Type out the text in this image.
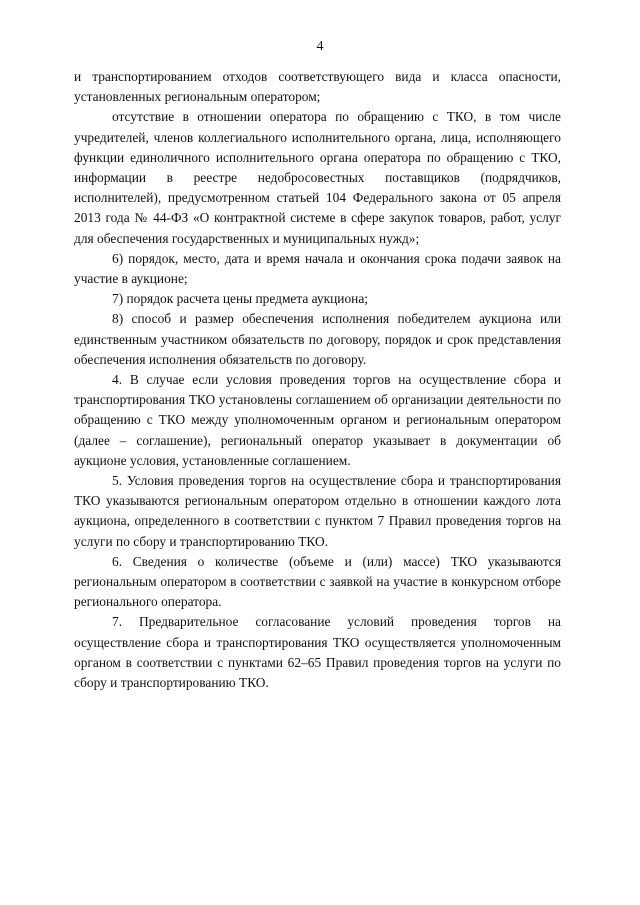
4

и транспортированием отходов соответствующего вида и класса опасности, установленных региональным оператором;

отсутствие в отношении оператора по обращению с ТКО, в том числе учредителей, членов коллегиального исполнительного органа, лица, исполняющего функции единоличного исполнительного органа оператора по обращению с ТКО, информации в реестре недобросовестных поставщиков (подрядчиков, исполнителей), предусмотренном статьей 104 Федерального закона от 05 апреля 2013 года № 44-ФЗ «О контрактной системе в сфере закупок товаров, работ, услуг для обеспечения государственных и муниципальных нужд»;

6) порядок, место, дата и время начала и окончания срока подачи заявок на участие в аукционе;

7) порядок расчета цены предмета аукциона;

8) способ и размер обеспечения исполнения победителем аукциона или единственным участником обязательств по договору, порядок и срок представления обеспечения исполнения обязательств по договору.

4. В случае если условия проведения торгов на осуществление сбора и транспортирования ТКО установлены соглашением об организации деятельности по обращению с ТКО между уполномоченным органом и региональным оператором (далее – соглашение), региональный оператор указывает в документации об аукционе условия, установленные соглашением.

5. Условия проведения торгов на осуществление сбора и транспортирования ТКО указываются региональным оператором отдельно в отношении каждого лота аукциона, определенного в соответствии с пунктом 7 Правил проведения торгов на услуги по сбору и транспортированию ТКО.

6. Сведения о количестве (объеме и (или) массе) ТКО указываются региональным оператором в соответствии с заявкой на участие в конкурсном отборе регионального оператора.

7. Предварительное согласование условий проведения торгов на осуществление сбора и транспортирования ТКО осуществляется уполномоченным органом в соответствии с пунктами 62–65 Правил проведения торгов на услуги по сбору и транспортированию ТКО.
